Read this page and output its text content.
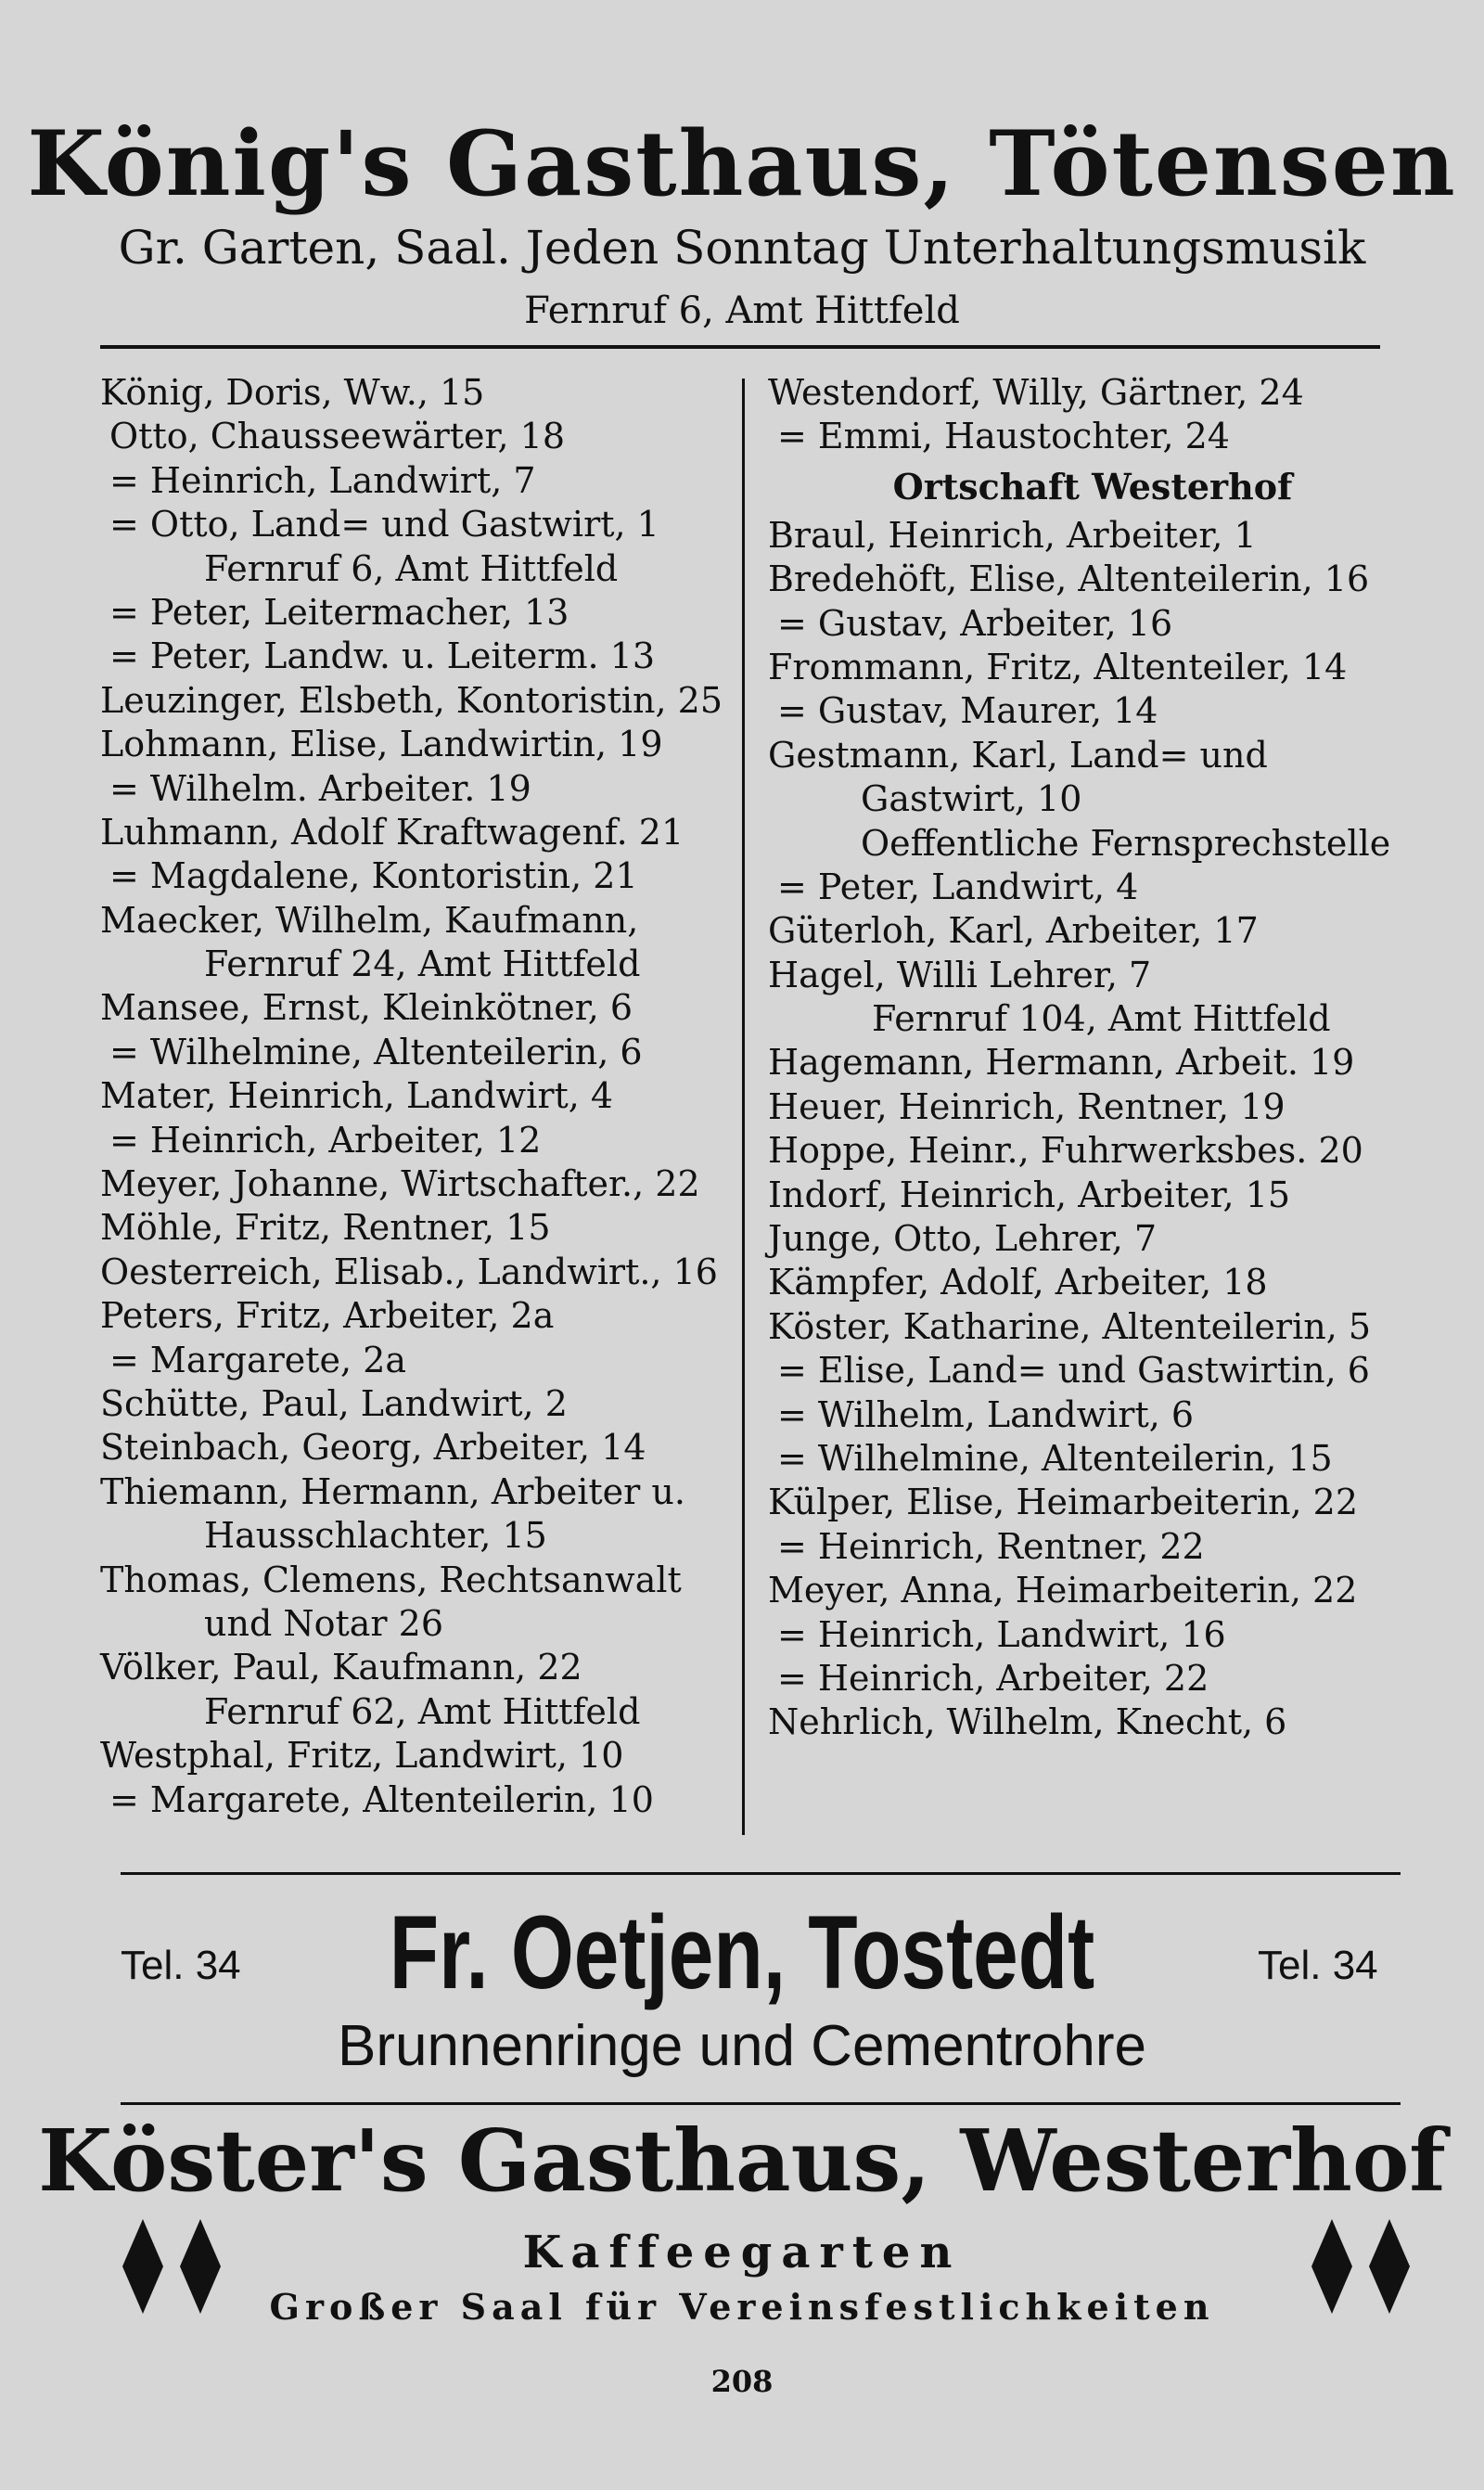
König's Gasthaus, Tötensen
Gr. Garten, Saal. Jeden Sonntag Unterhaltungsmusik
Fernruf 6, Amt Hittfeld
König, Doris, Ww., 15
Otto, Chausseewärter, 18
= Heinrich, Landwirt, 7
= Otto, Land= und Gastwirt, 1
Fernruf 6, Amt Hittfeld
= Peter, Leitermacher, 13
= Peter, Landw. u. Leiterm. 13
Leuzinger, Elsbeth, Kontoristin, 25
Lohmann, Elise, Landwirtin, 19
= Wilhelm. Arbeiter. 19
Luhmann, Adolf Kraftwagenf. 21
= Magdalene, Kontoristin, 21
Maecker, Wilhelm, Kaufmann,
Fernruf 24, Amt Hittfeld
Mansee, Ernst, Kleinkötner, 6
= Wilhelmine, Altenteilerin, 6
Mater, Heinrich, Landwirt, 4
= Heinrich, Arbeiter, 12
Meyer, Johanne, Wirtschafter., 22
Möhle, Fritz, Rentner, 15
Oesterreich, Elisab., Landwirt., 16
Peters, Fritz, Arbeiter, 2a
= Margarete, 2a
Schütte, Paul, Landwirt, 2
Steinbach, Georg, Arbeiter, 14
Thiemann, Hermann, Arbeiter u.
Hausschlachter, 15
Thomas, Clemens, Rechtsanwalt
und Notar 26
Völker, Paul, Kaufmann, 22
Fernruf 62, Amt Hittfeld
Westphal, Fritz, Landwirt, 10
= Margarete, Altenteilerin, 10
Westendorf, Willy, Gärtner, 24
= Emmi, Haustochter, 24
Ortschaft Westerhof
Braul, Heinrich, Arbeiter, 1
Bredehöft, Elise, Altenteilerin, 16
= Gustav, Arbeiter, 16
Frommann, Fritz, Altenteiler, 14
= Gustav, Maurer, 14
Gestmann, Karl, Land= und
Gastwirt, 10
Oeffentliche Fernsprechstelle
= Peter, Landwirt, 4
Güterloh, Karl, Arbeiter, 17
Hagel, Willi Lehrer, 7
Fernruf 104, Amt Hittfeld
Hagemann, Hermann, Arbeit. 19
Heuer, Heinrich, Rentner, 19
Hoppe, Heinr., Fuhrwerksbes. 20
Indorf, Heinrich, Arbeiter, 15
Junge, Otto, Lehrer, 7
Kämpfer, Adolf, Arbeiter, 18
Köster, Katharine, Altenteilerin, 5
= Elise, Land= und Gastwirtin, 6
= Wilhelm, Landwirt, 6
= Wilhelmine, Altenteilerin, 15
Külper, Elise, Heimarbeiterin, 22
= Heinrich, Rentner, 22
Meyer, Anna, Heimarbeiterin, 22
= Heinrich, Landwirt, 16
= Heinrich, Arbeiter, 22
Nehrlich, Wilhelm, Knecht, 6
Tel. 34	Fr. Oetjen, Tostedt	Tel. 34
Brunnenringe und Cementrohre
Köster's Gasthaus, Westerhof
Kaffeegarten
Großer Saal für Vereinsfestlichkeiten
208
